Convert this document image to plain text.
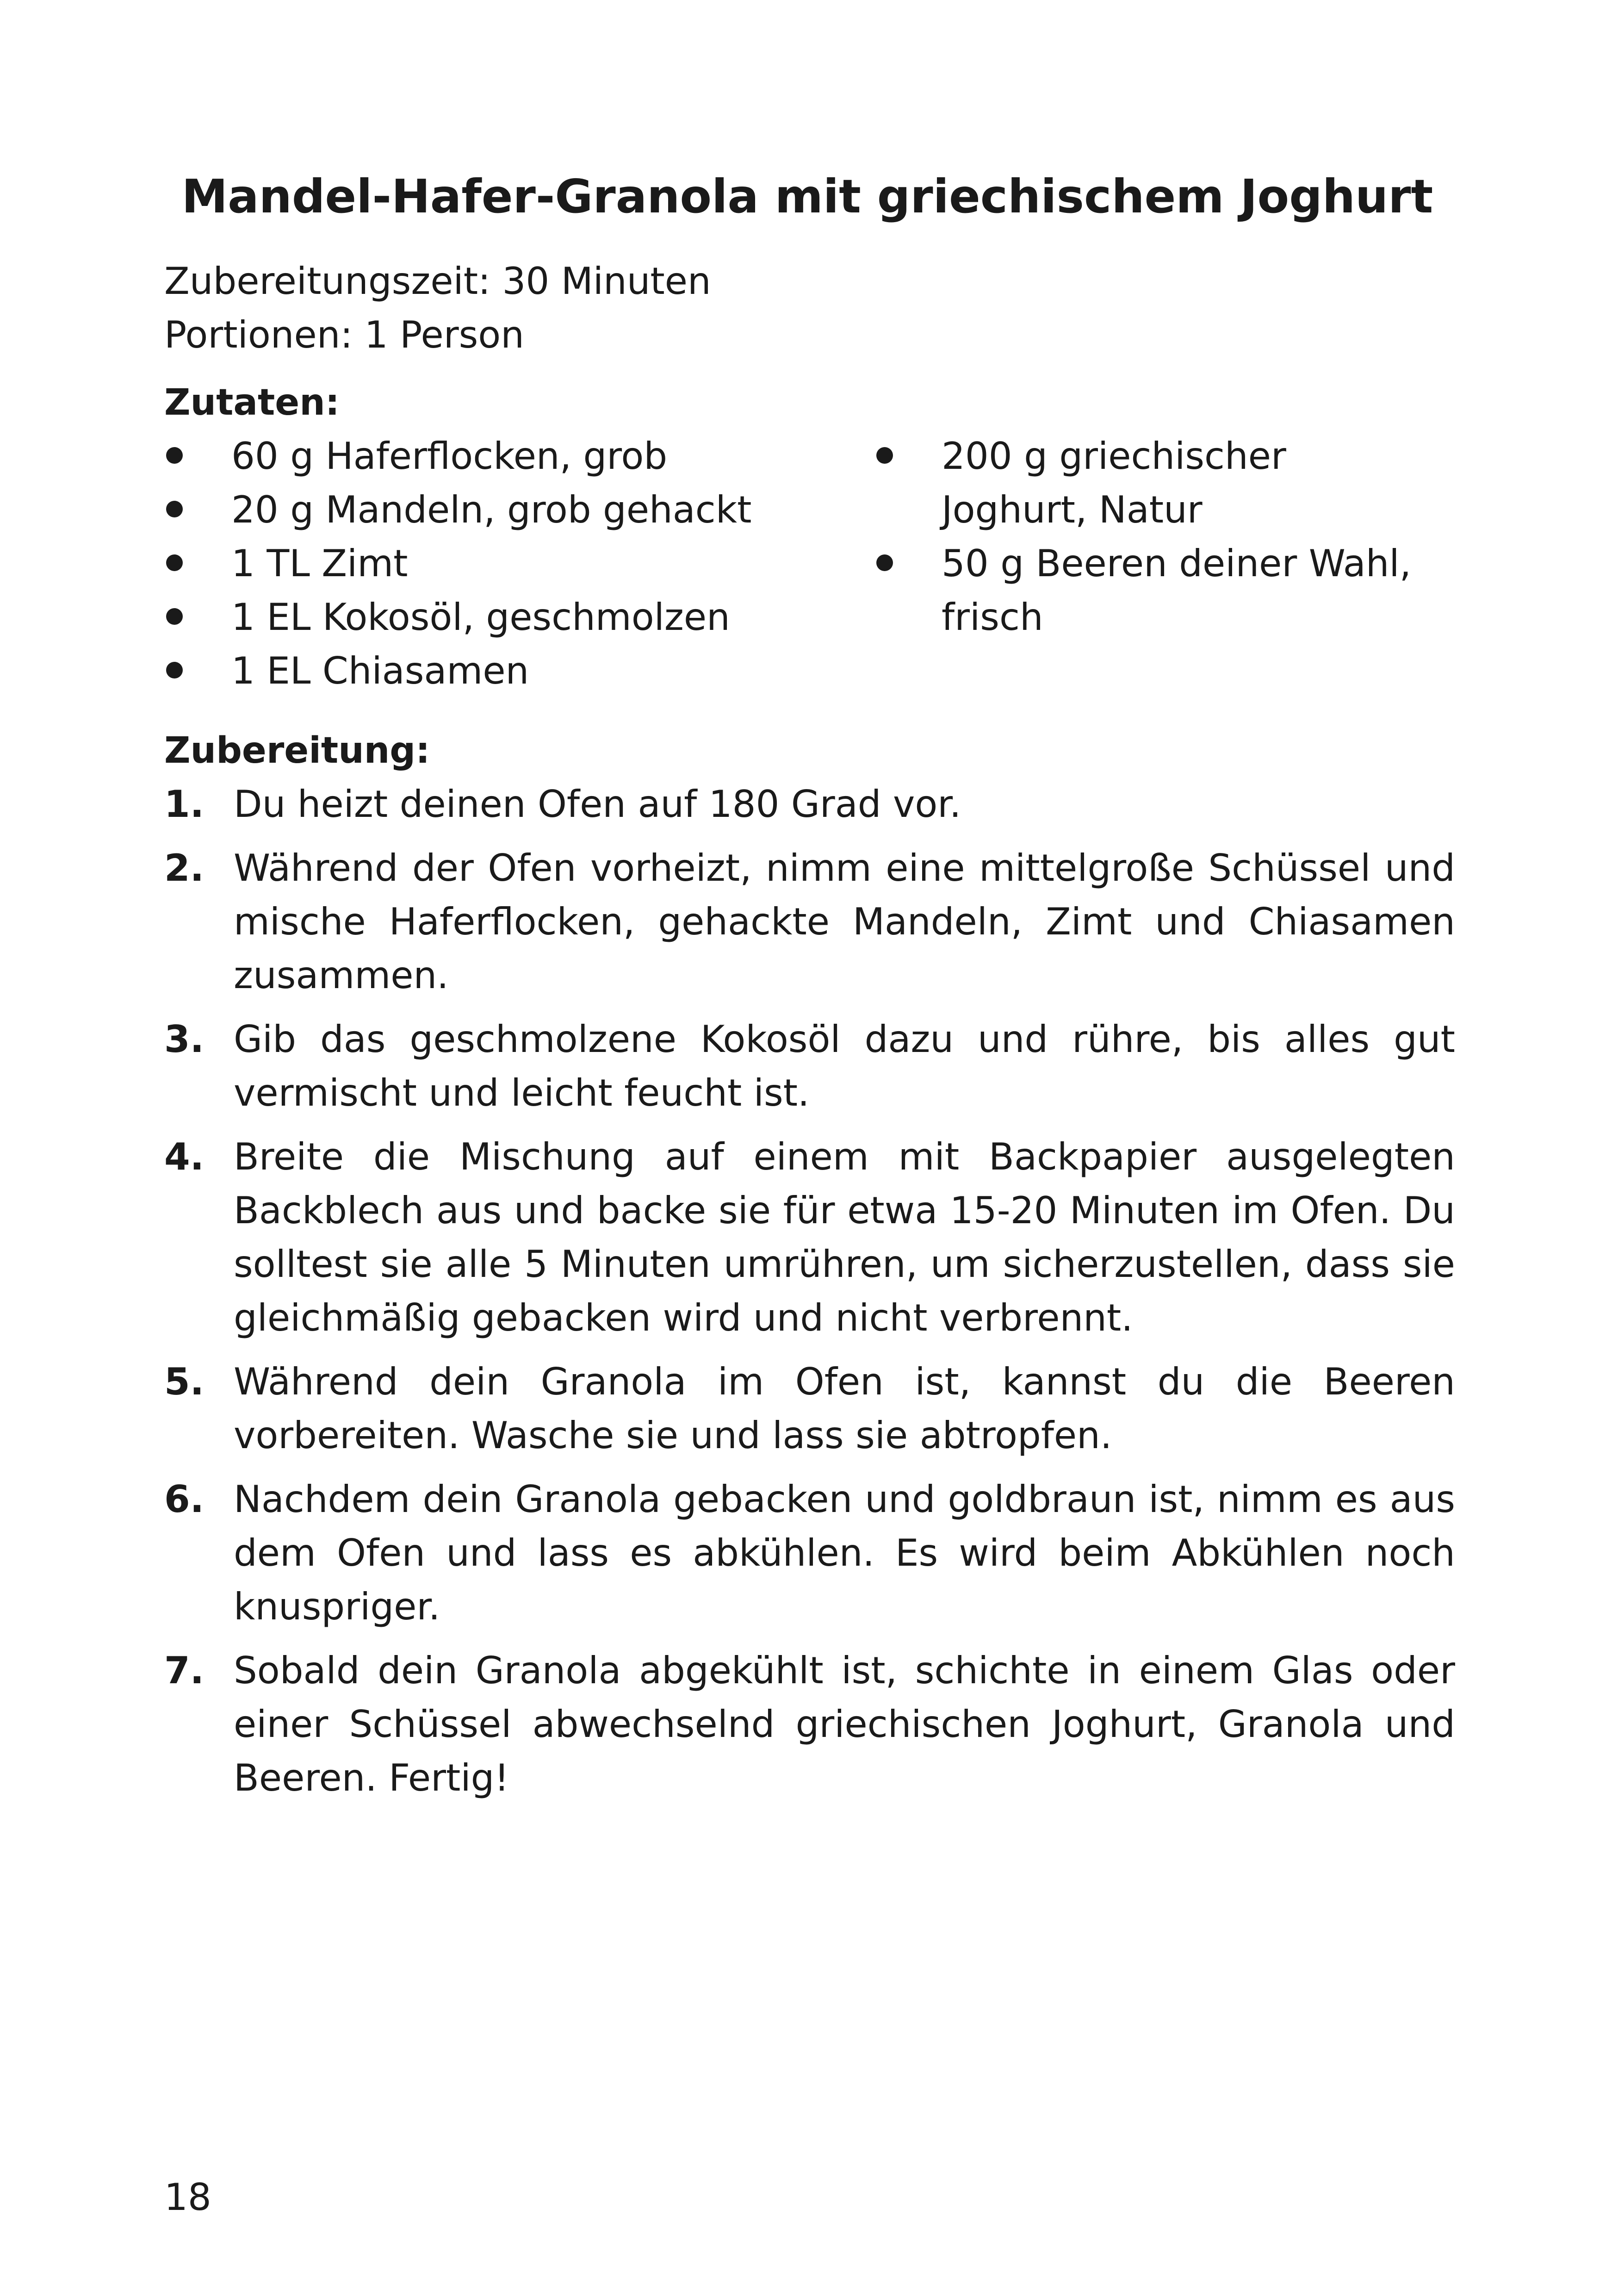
Mandel-Hafer-Granola mit griechischem Joghurt
Zubereitungszeit: 30 Minuten
Portionen: 1 Person
Zutaten:
60 g Haferflocken, grob
20 g Mandeln, grob gehackt
1 TL Zimt
1 EL Kokosöl, geschmolzen
1 EL Chiasamen
200 g griechischer Joghurt, Natur
50 g Beeren deiner Wahl, frisch
Zubereitung:
1. Du heizt deinen Ofen auf 180 Grad vor.
2. Während der Ofen vorheizt, nimm eine mittelgroße Schüssel und mische Haferflocken, gehackte Mandeln, Zimt und Chiasamen zusammen.
3. Gib das geschmolzene Kokosöl dazu und rühre, bis alles gut vermischt und leicht feucht ist.
4. Breite die Mischung auf einem mit Backpapier ausgelegten Backblech aus und backe sie für etwa 15-20 Minuten im Ofen. Du solltest sie alle 5 Minuten umrühren, um sicherzustellen, dass sie gleichmäßig gebacken wird und nicht verbrennt.
5. Während dein Granola im Ofen ist, kannst du die Beeren vorbereiten. Wasche sie und lass sie abtropfen.
6. Nachdem dein Granola gebacken und goldbraun ist, nimm es aus dem Ofen und lass es abkühlen. Es wird beim Abkühlen noch knuspriger.
7. Sobald dein Granola abgekühlt ist, schichte in einem Glas oder einer Schüssel abwechselnd griechischen Joghurt, Granola und Beeren. Fertig!
18
